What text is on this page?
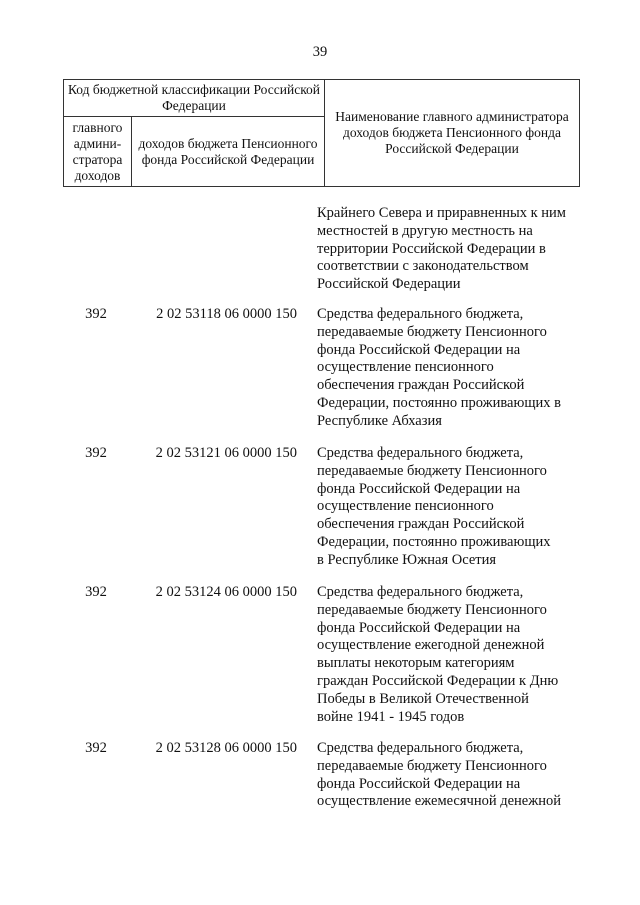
39
Код бюджетной классификации Российской Федерации		Наименование главного администратора доходов бюджета Пенсионного фонда Российской Федерации
главного админи- стратора доходов	доходов бюджета Пенсионного фонда Российской Федерации	
Крайнего Севера и приравненных к ним
местностей в другую местность на
территории Российской Федерации в
соответствии с законодательством
Российской Федерации
392	2 02 53118 06 0000 150 Средства федерального бюджета,
передаваемые бюджету Пенсионного
фонда Российской Федерации на
осуществление пенсионного
обеспечения граждан Российской
Федерации, постоянно проживающих в
Республике Абхазия
392	2 02 53121 06 0000 150 Средства федерального бюджета,
передаваемые бюджету Пенсионного
фонда Российской Федерации на
осуществление пенсионного
обеспечения граждан Российской
Федерации, постоянно проживающих
в Республике Южная Осетия
392	2 02 53124 06 0000 150 Средства федерального бюджета,
передаваемые бюджету Пенсионного
фонда Российской Федерации на
осуществление ежегодной денежной
выплаты некоторым категориям
граждан Российской Федерации к Дню
Победы в Великой Отечественной
войне 1941 - 1945 годов
392	2 02 53128 06 0000 150 Средства федерального бюджета,
передаваемые бюджету Пенсионного
фонда Российской Федерации на
осуществление ежемесячной денежной
